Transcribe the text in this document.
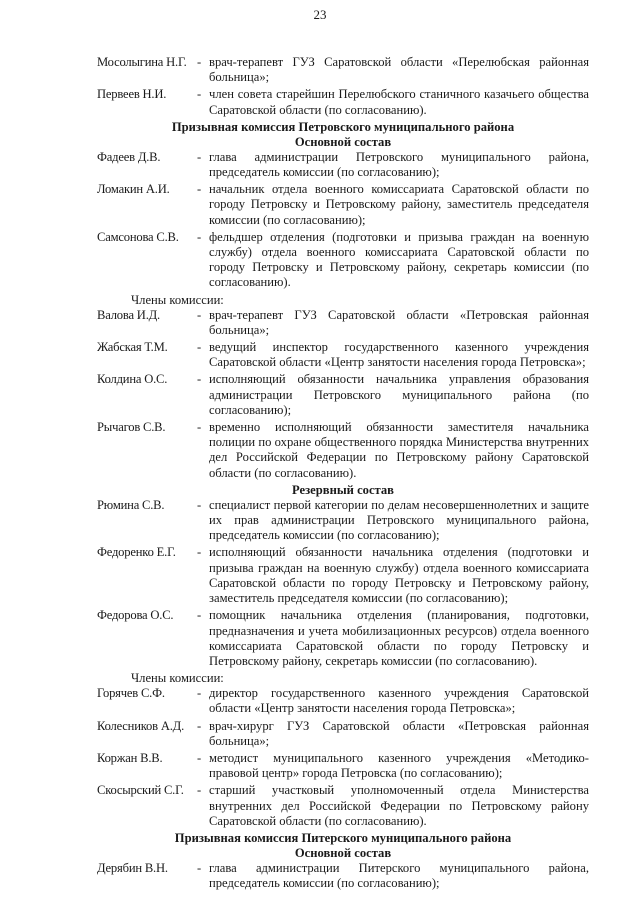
23
Мосолыгина Н.Г. - врач-терапевт ГУЗ Саратовской области «Перелюбская районная больница»;
Первеев Н.И.	- член совета старейшин Перелюбского станичного казачьего общества Саратовской области (по согласованию).
Призывная комиссия Петровского муниципального района
Основной состав
Фадеев Д.В.	- глава администрации Петровского муниципального района, председатель комиссии (по согласованию);
Ломакин А.И.	- начальник отдела военного комиссариата Саратовской области по городу Петровску и Петровскому району, заместитель председателя комиссии (по согласованию);
Самсонова С.В.	- фельдшер отделения (подготовки и призыва граждан на военную службу) отдела военного комиссариата Саратовской области по городу Петровску и Петровскому району, секретарь комиссии (по согласованию).
Члены комиссии:
Валова И.Д.	- врач-терапевт ГУЗ Саратовской области «Петровская районная больница»;
Жабская Т.М.	- ведущий инспектор государственного казенного учреждения Саратовской области «Центр занятости населения города Петровска»;
Колдина О.С.	- исполняющий обязанности начальника управления образования администрации Петровского муниципального района (по согласованию);
Рычагов С.В.	- временно исполняющий обязанности заместителя начальника полиции по охране общественного порядка Министерства внутренних дел Российской Федерации по Петровскому району Саратовской области (по согласованию).
Резервный состав
Рюмина С.В.	- специалист первой категории по делам несовершеннолетних и защите их прав администрации Петровского муниципального района, председатель комиссии (по согласованию);
Федоренко Е.Г.	- исполняющий обязанности начальника отделения (подготовки и призыва граждан на военную службу) отдела военного комиссариата Саратовской области по городу Петровску и Петровскому району, заместитель председателя комиссии (по согласованию);
Федорова О.С.	- помощник начальника отделения (планирования, подготовки, предназначения и учета мобилизационных ресурсов) отдела военного комиссариата Саратовской области по городу Петровску и Петровскому району, секретарь комиссии (по согласованию).
Члены комиссии:
Горячев С.Ф.	- директор государственного казенного учреждения Саратовской области «Центр занятости населения города Петровска»;
Колесников А.Д.	- врач-хирург ГУЗ Саратовской области «Петровская районная больница»;
Коржан В.В.	- методист муниципального казенного учреждения «Методико-правовой центр» города Петровска (по согласованию);
Скосырский С.Г.	- старший участковый уполномоченный отдела Министерства внутренних дел Российской Федерации по Петровскому району Саратовской области (по согласованию).
Призывная комиссия Питерского муниципального района
Основной состав
Дерябин В.Н.	- глава администрации Питерского муниципального района, председатель комиссии (по согласованию);
